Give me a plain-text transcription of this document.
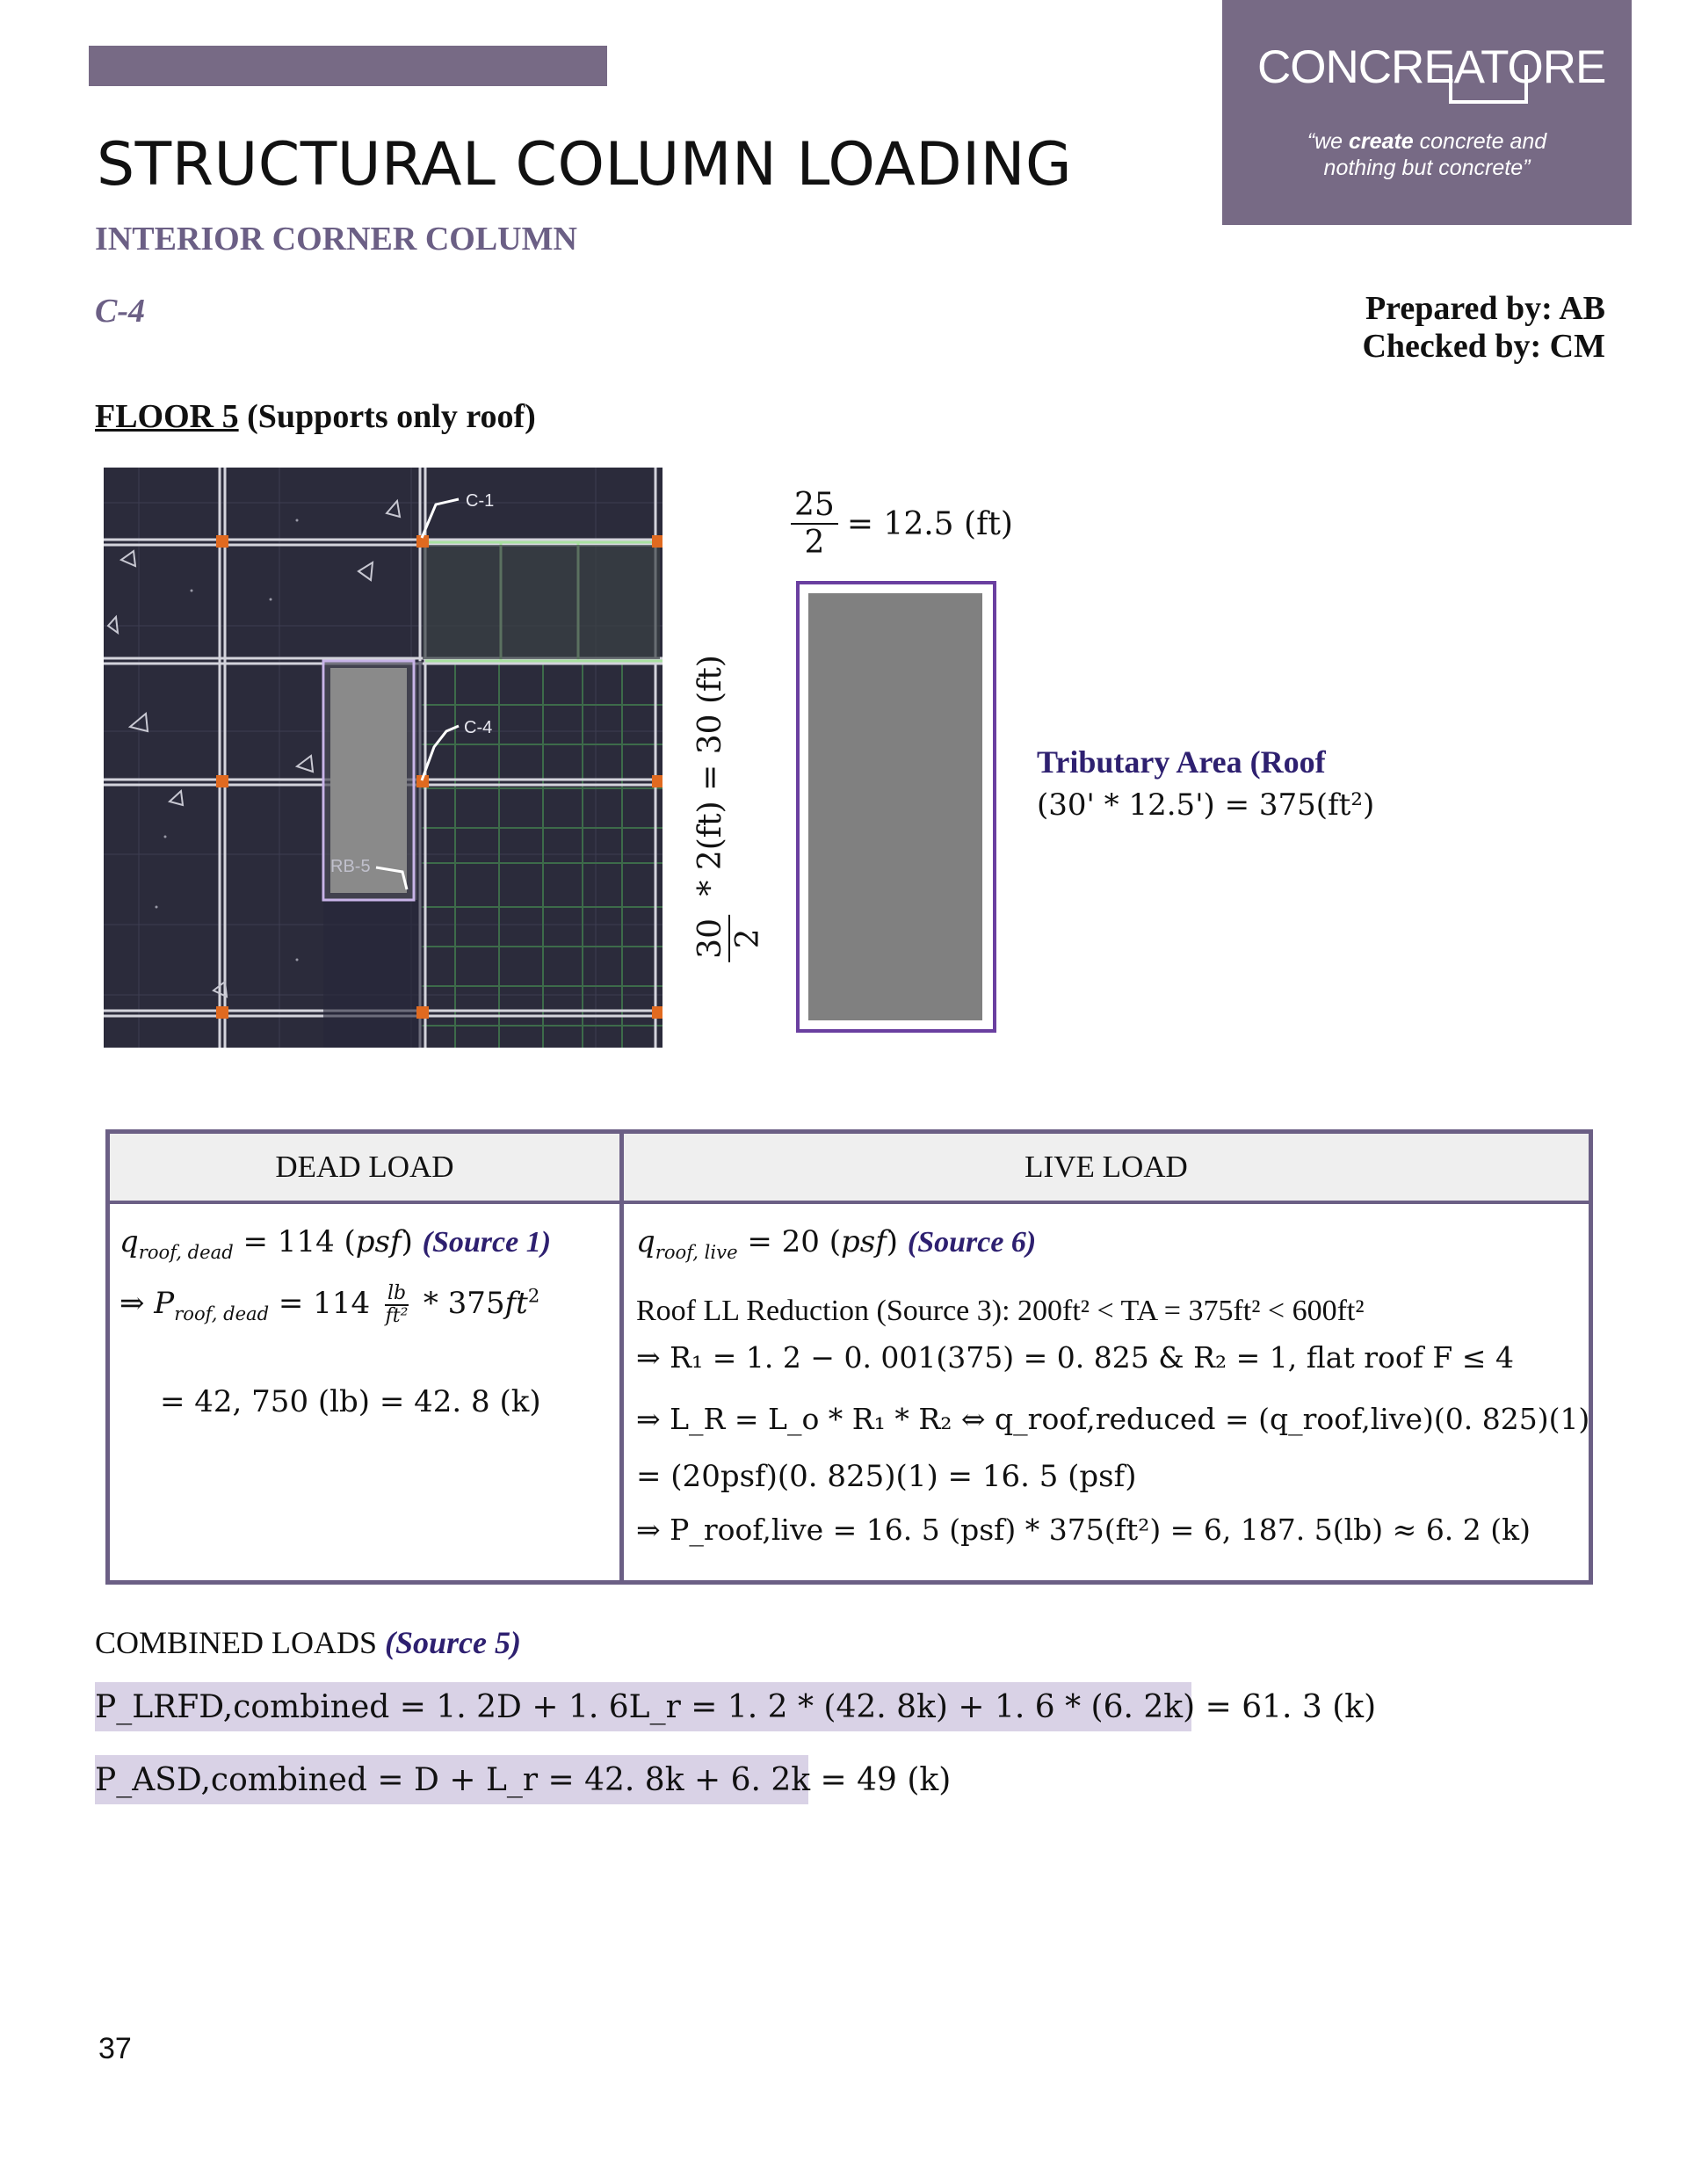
CONCREATORE
“we create concrete and
nothing but concrete”
STRUCTURAL COLUMN LOADING
INTERIOR CORNER COLUMN
C-4	Prepared by: AB
Checked by: CM
FLOOR 5 (Supports only roof)
C-1
C-4
RB-5
$\frac{25}{2} = 12.5$ (ft)
30 2
* 2(ft) = 30 (ft)	Tributary Area (Roof
(30' * 12.5') = 375(ft²)
DEAD LOAD	LIVE LOAD
$q_{roof, dead} = 114$ (psf) (Source 1)
⇒ $P_{roof, dead} = 114 \frac{lb}{\text{ft²}} * 375ft^2$
= 42, 750 (lb) = 42. 8 (k)
$q_{roof, live} = 20$ (psf) (Source 6)
Roof LL Reduction (Source 3): 200ft² < TA = 375ft² < 600ft²
⇒ R₁ = 1. 2 − 0. 001(375) = 0. 825 & R₂ = 1, flat roof F ≤ 4
⇒ L_R = L_o * R₁ * R₂ ⇔ q_roof,reduced = (q_roof,live)(0. 825)(1)
= (20psf)(0. 825)(1) = 16. 5 (psf)
⇒ P_roof,live = 16. 5 (psf) * 375(ft²) = 6, 187. 5(lb) ≈ 6. 2 (k)
COMBINED LOADS (Source 5)
P_LRFD,combined = 1. 2D + 1. 6L_r = 1. 2 * (42. 8k) + 1. 6 * (6. 2k) = 61. 3 (k)
P_ASD,combined = D + L_r = 42. 8k + 6. 2k = 49 (k)
37
